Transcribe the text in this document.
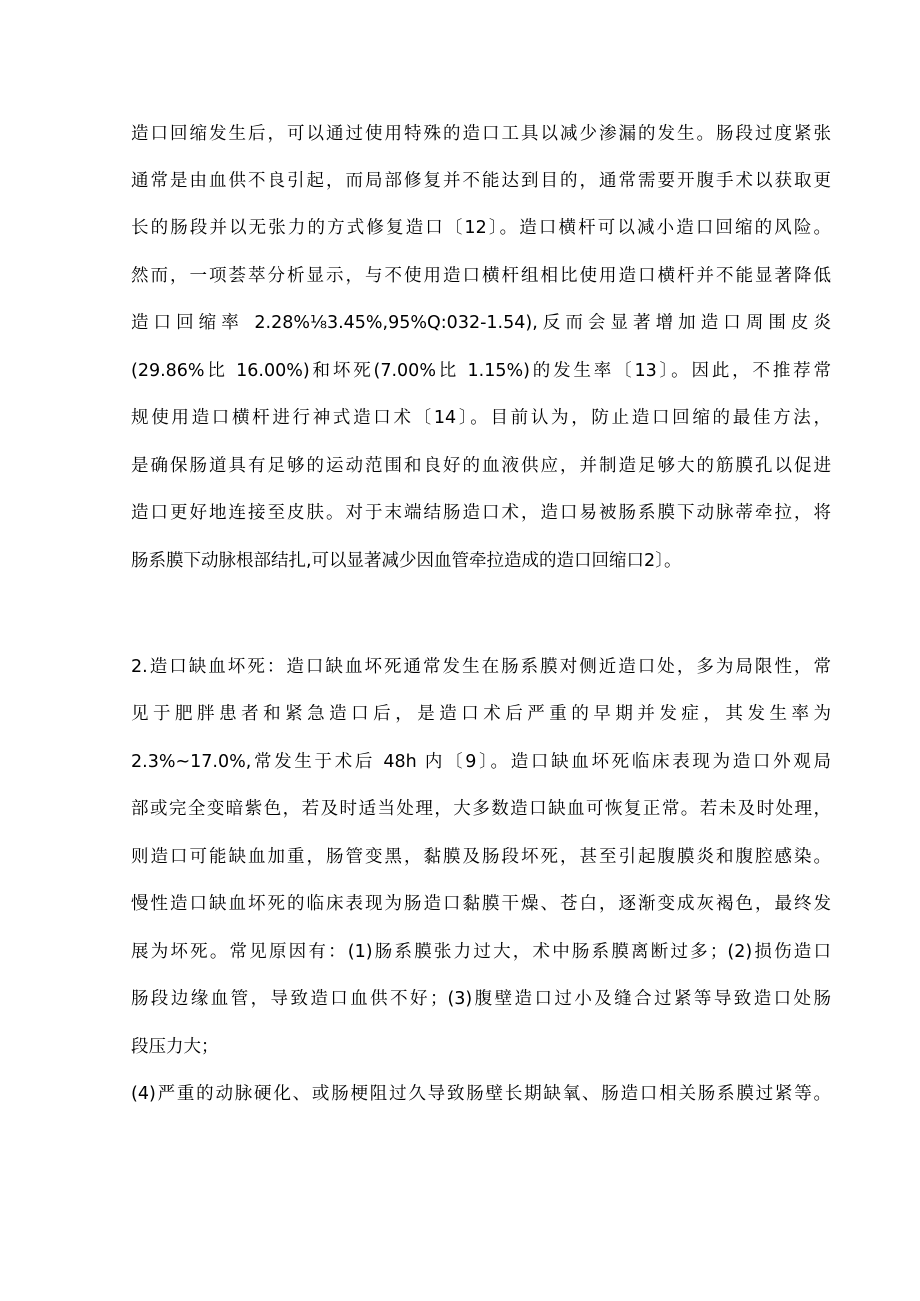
造口回缩发生后，可以通过使用特殊的造口工具以减少渗漏的发生。肠段过度紧张
通常是由血供不良引起，而局部修复并不能达到目的，通常需要开腹手术以获取更
长的肠段并以无张力的方式修复造口〔12〕。造口横杆可以减小造口回缩的风险。
然而，一项荟萃分析显示，与不使用造口横杆组相比使用造口横杆并不能显著降低
造口回缩率 2.28%⅛3.45%,95%Q:032-1.54),反而会显著增加造口周围皮炎
(29.86%比 16.00%)和坏死(7.00%比 1.15%)的发生率〔13〕。因此，不推荐常
规使用造口横杆进行神式造口术〔14〕。目前认为，防止造口回缩的最佳方法，
是确保肠道具有足够的运动范围和良好的血液供应，并制造足够大的筋膜孔以促进
造口更好地连接至皮肤。对于末端结肠造口术，造口易被肠系膜下动脉蒂牵拉，将
肠系膜下动脉根部结扎,可以显著减少因血管牵拉造成的造口回缩口2〕。
2.造口缺血坏死：造口缺血坏死通常发生在肠系膜对侧近造口处，多为局限性，常
见于肥胖患者和紧急造口后，是造口术后严重的早期并发症，其发生率为
2.3%~17.0%,常发生于术后 48h 内〔9〕。造口缺血坏死临床表现为造口外观局
部或完全变暗紫色，若及时适当处理，大多数造口缺血可恢复正常。若未及时处理，
则造口可能缺血加重，肠管变黑，黏膜及肠段坏死，甚至引起腹膜炎和腹腔感染。
慢性造口缺血坏死的临床表现为肠造口黏膜干燥、苍白，逐渐变成灰褐色，最终发
展为坏死。常见原因有：(1)肠系膜张力过大，术中肠系膜离断过多；(2)损伤造口
肠段边缘血管，导致造口血供不好；(3)腹壁造口过小及缝合过紧等导致造口处肠
段压力大；
(4)严重的动脉硬化、或肠梗阻过久导致肠壁长期缺氧、肠造口相关肠系膜过紧等。
